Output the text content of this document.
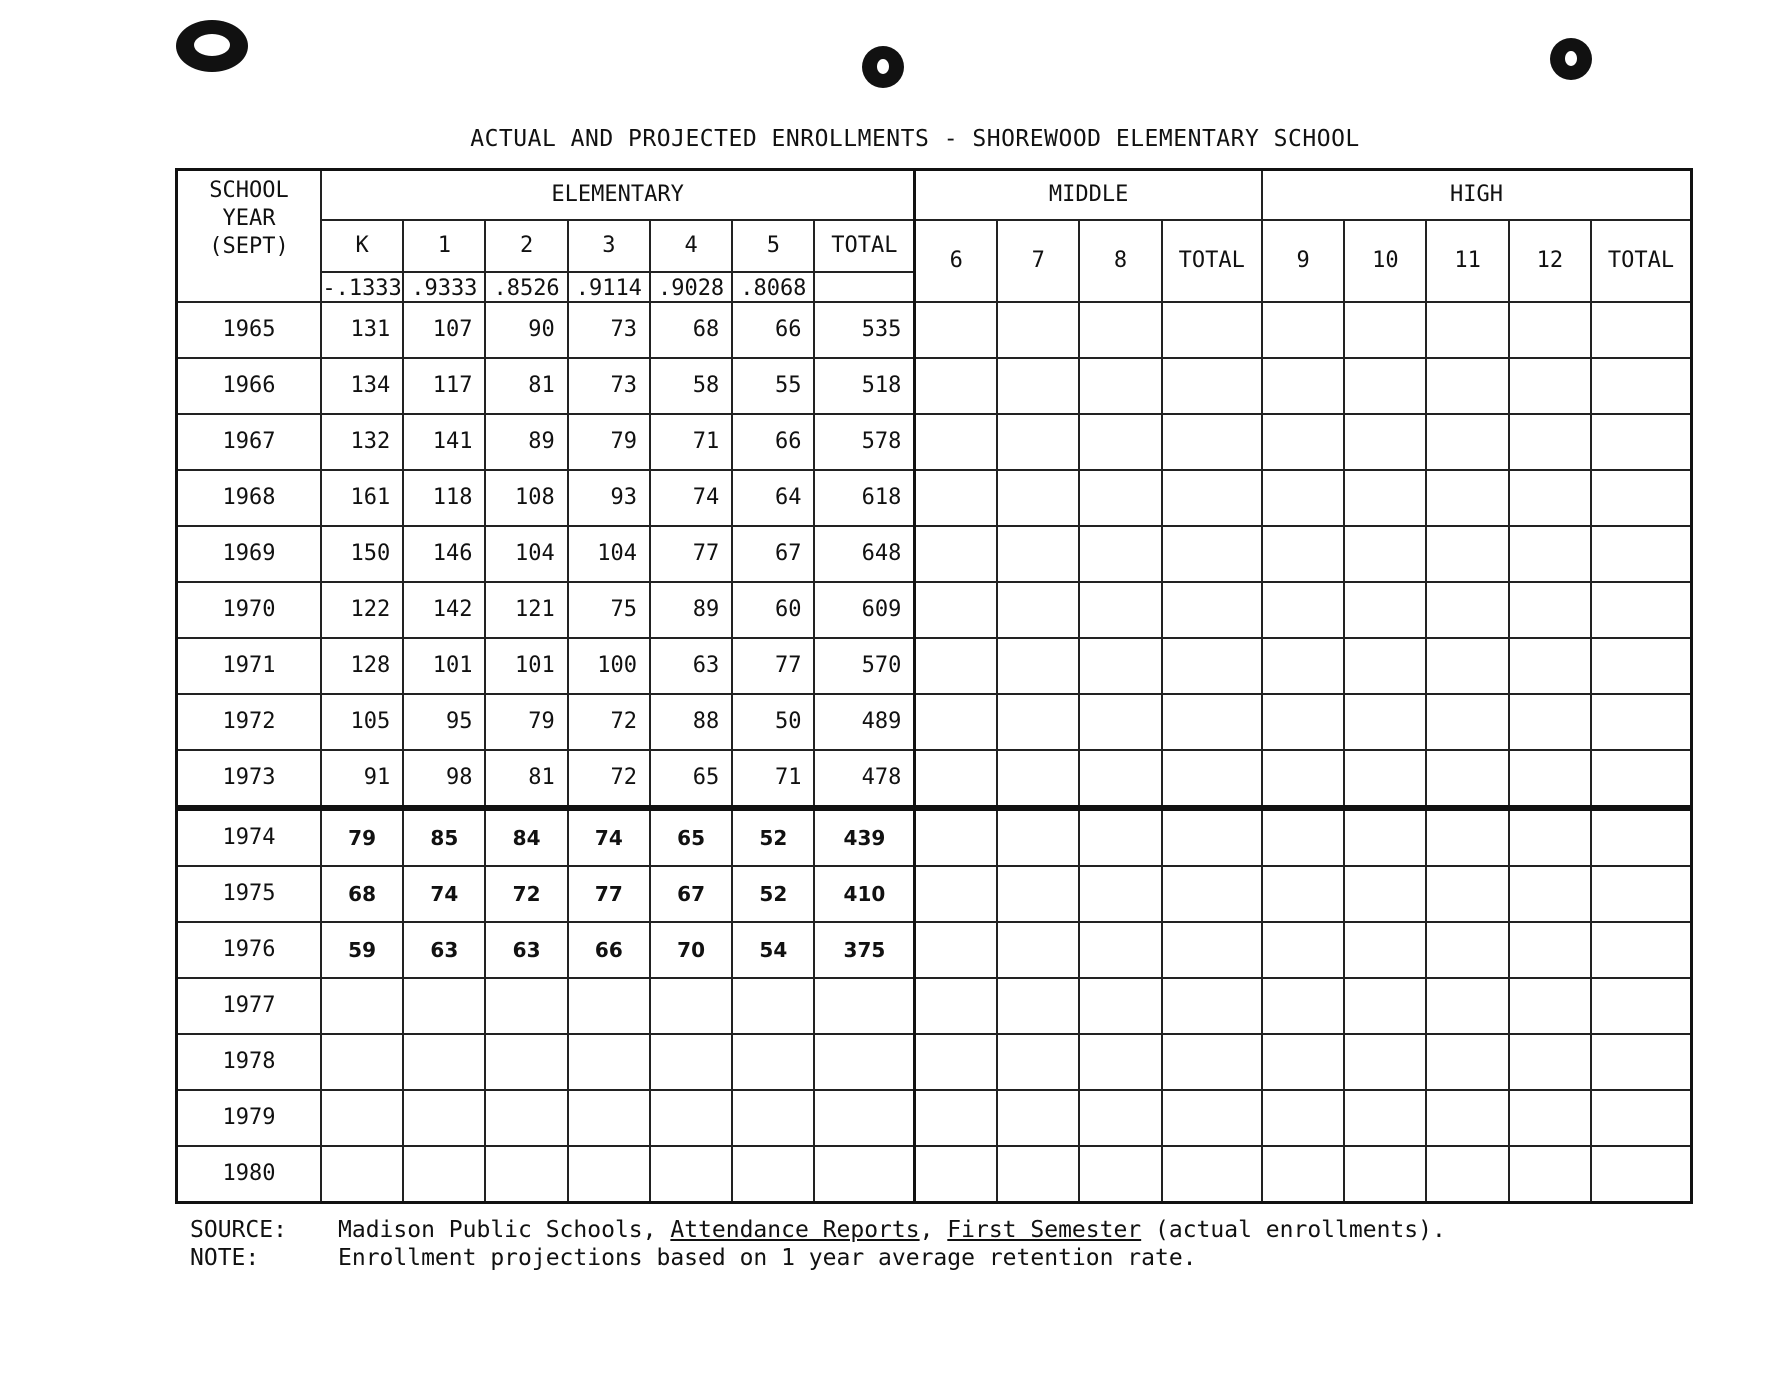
ACTUAL AND PROJECTED ENROLLMENTS - SHOREWOOD ELEMENTARY SCHOOL
SCHOOL
YEAR
(SEPT)	ELEMENTARY							MIDDLE				HIGH				
	K	1	2	3	4	5	TOTAL	6	7	8	TOTAL	9	10	11	12	TOTAL
	-.1333	.9333	.8526	.9114	.9028	.8068										
1965	131	107	90	73	68	66	535									
1966	134	117	81	73	58	55	518									
1967	132	141	89	79	71	66	578									
1968	161	118	108	93	74	64	618									
1969	150	146	104	104	77	67	648									
1970	122	142	121	75	89	60	609									
1971	128	101	101	100	63	77	570									
1972	105	95	79	72	88	50	489									
1973	91	98	81	72	65	71	478									
1974	79	85	84	74	65	52	439									
1975	68	74	72	77	67	52	410									
1976	59	63	63	66	70	54	375									
1977																
1978																
1979																
1980																
SOURCE:	Madison Public Schools, Attendance Reports, First Semester (actual enrollments).
NOTE:	Enrollment projections based on 1 year average retention rate.
